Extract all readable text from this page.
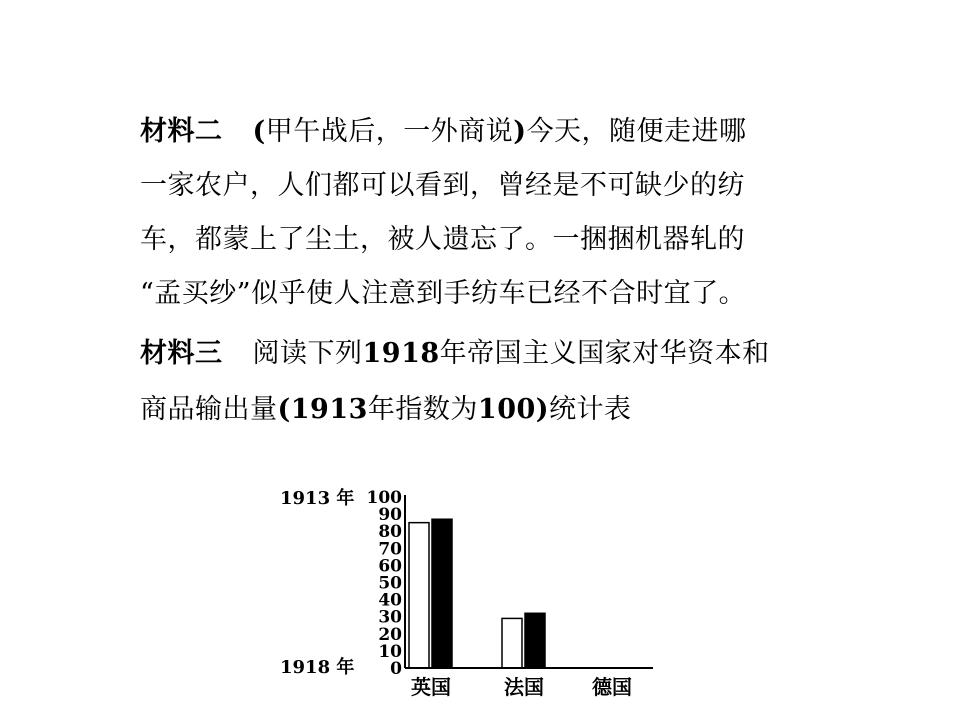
材料二 (甲午战后，一外商说)今天，随便走进哪
一家农户，人们都可以看到，曾经是不可缺少的纺
车，都蒙上了尘土，被人遗忘了。一捆捆机器轧的
“孟买纱”似乎使人注意到手纺车已经不合时宜了。
材料三 阅读下列1918年帝国主义国家对华资本和
商品输出量(1913年指数为100)统计表
1913 年
1918 年
100
90
80
70
60
50
40
30
20
10
0
英国	法国 德国
